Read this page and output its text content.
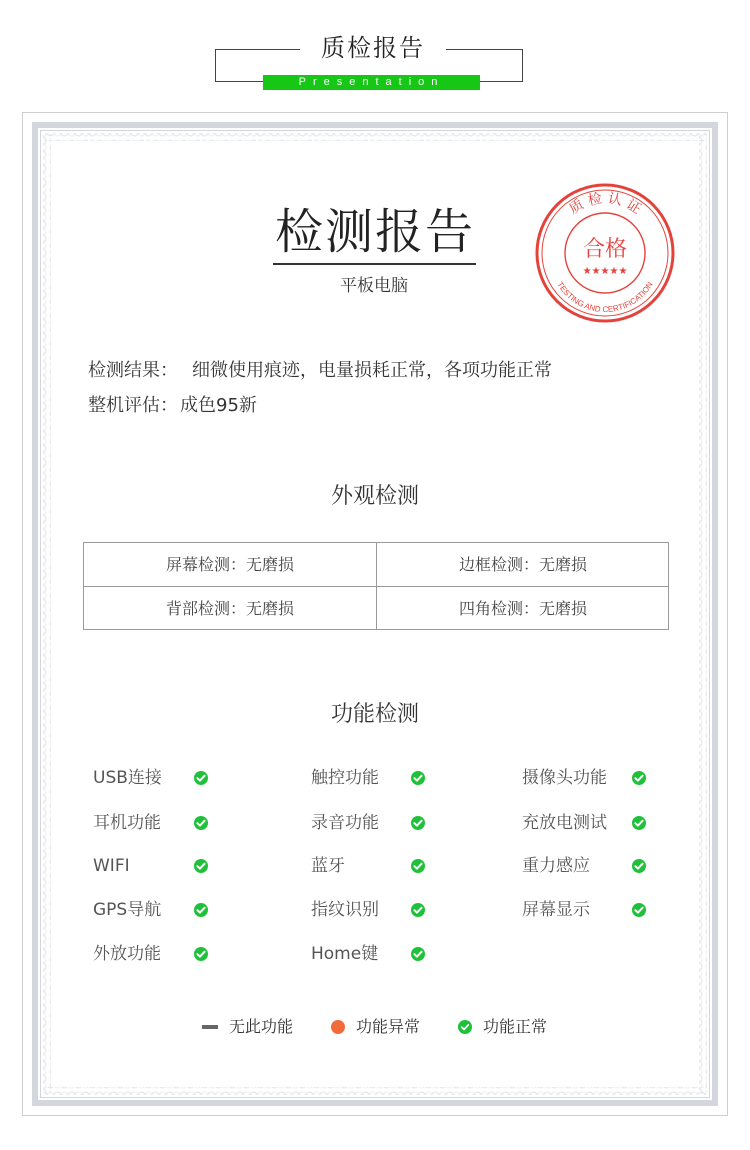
质检报告
Presentation
检测报告
平板电脑
质 检 认 证
TESTING AND CERTIFICATION
合格
★★★★★
检测结果： 细微使用痕迹，电量损耗正常，各项功能正常
整机评估： 成色95新
外观检测
屏幕检测：无磨损	边框检测：无磨损
背部检测：无磨损	四角检测：无磨损
功能检测
USB连接	触控功能	摄像头功能
耳机功能	录音功能	充放电测试
WIFI	蓝牙	重力感应
GPS导航	指纹识别	屏幕显示
外放功能	Home键
无此功能	功能异常	功能正常
